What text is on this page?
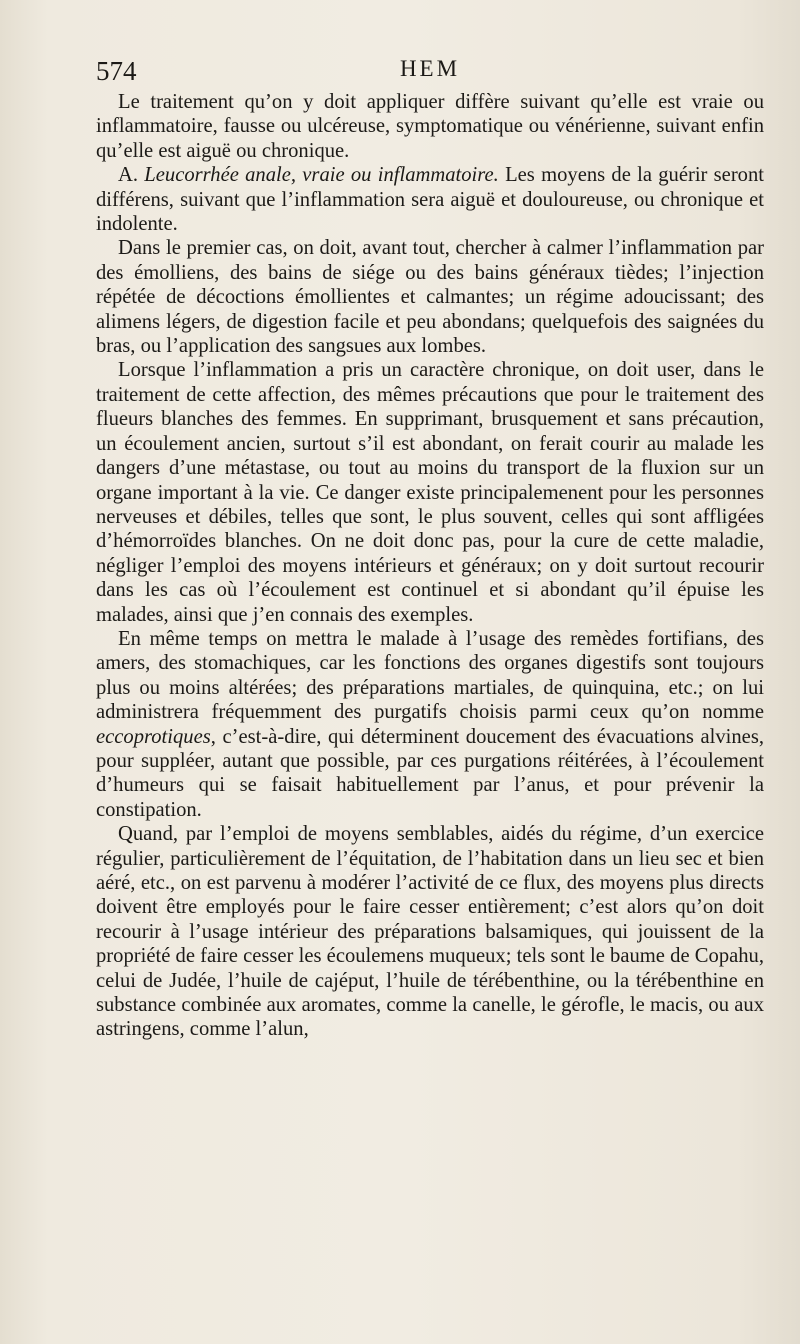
574	HEM

Le traitement qu’on y doit appliquer diffère suivant qu’elle est vraie ou inflammatoire, fausse ou ulcéreuse, symptomatique ou vénérienne, suivant enfin qu’elle est aiguë ou chronique.

A. Leucorrhée anale, vraie ou inflammatoire. Les moyens de la guérir seront différens, suivant que l’inflammation sera aiguë et douloureuse, ou chronique et indolente.

Dans le premier cas, on doit, avant tout, chercher à calmer l’inflammation par des émolliens, des bains de siége ou des bains généraux tièdes; l’injection répétée de décoctions émollientes et calmantes; un régime adoucissant; des alimens légers, de digestion facile et peu abondans; quelquefois des saignées du bras, ou l’application des sangsues aux lombes.

Lorsque l’inflammation a pris un caractère chronique, on doit user, dans le traitement de cette affection, des mêmes précautions que pour le traitement des flueurs blanches des femmes. En supprimant, brusquement et sans précaution, un écoulement ancien, surtout s’il est abondant, on ferait courir au malade les dangers d’une métastase, ou tout au moins du transport de la fluxion sur un organe important à la vie. Ce danger existe principalemenent pour les personnes nerveuses et débiles, telles que sont, le plus souvent, celles qui sont affligées d’hémorroïdes blanches. On ne doit donc pas, pour la cure de cette maladie, négliger l’emploi des moyens intérieurs et généraux; on y doit surtout recourir dans les cas où l’écoulement est continuel et si abondant qu’il épuise les malades, ainsi que j’en connais des exemples.

En même temps on mettra le malade à l’usage des remèdes fortifians, des amers, des stomachiques, car les fonctions des organes digestifs sont toujours plus ou moins altérées; des préparations martiales, de quinquina, etc.; on lui administrera fréquemment des purgatifs choisis parmi ceux qu’on nomme eccoprotiques, c’est-à-dire, qui déterminent doucement des évacuations alvines, pour suppléer, autant que possible, par ces purgations réitérées, à l’écoulement d’humeurs qui se faisait habituellement par l’anus, et pour prévenir la constipation.

Quand, par l’emploi de moyens semblables, aidés du régime, d’un exercice régulier, particulièrement de l’équitation, de l’habitation dans un lieu sec et bien aéré, etc., on est parvenu à modérer l’activité de ce flux, des moyens plus directs doivent être employés pour le faire cesser entièrement; c’est alors qu’on doit recourir à l’usage intérieur des préparations balsamiques, qui jouissent de la propriété de faire cesser les écoulemens muqueux; tels sont le baume de Copahu, celui de Judée, l’huile de cajéput, l’huile de térébenthine, ou la térébenthine en substance combinée aux aromates, comme la canelle, le gérofle, le macis, ou aux astringens, comme l’alun,
